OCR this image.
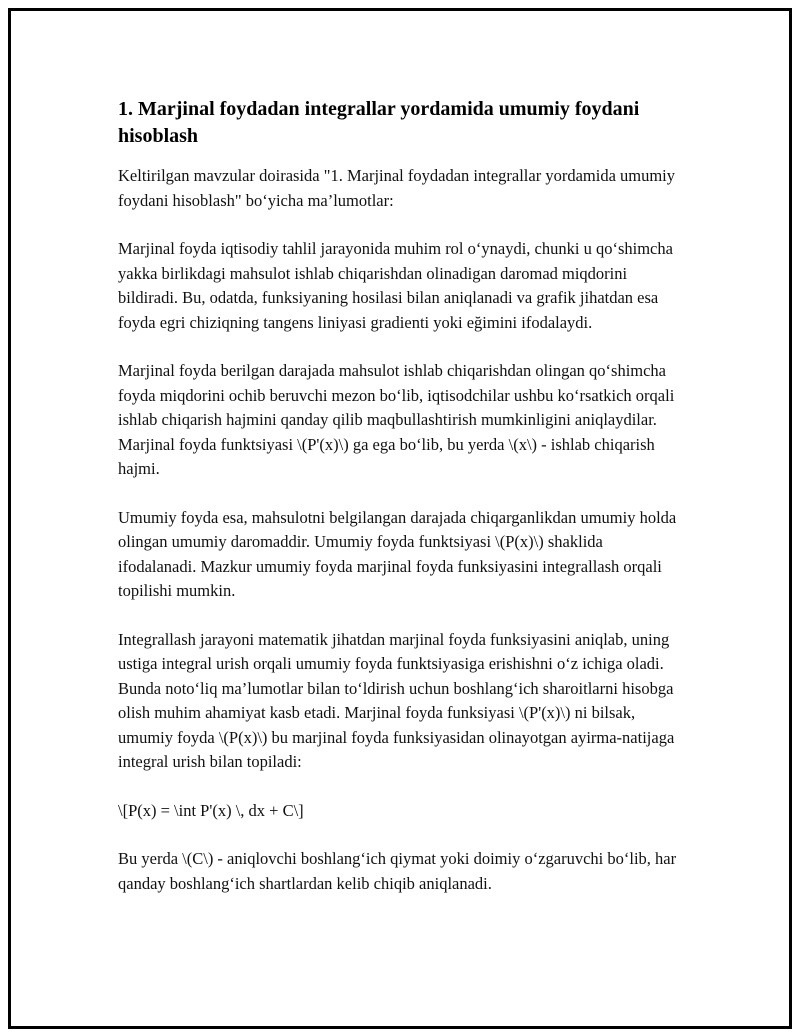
1. Marjinal foydadan integrallar yordamida umumiy foydani hisoblash

Keltirilgan mavzular doirasida "1. Marjinal foydadan integrallar yordamida umumiy foydani hisoblash" bo‘yicha ma’lumotlar:

Marjinal foyda iqtisodiy tahlil jarayonida muhim rol o‘ynaydi, chunki u qo‘shimcha yakka birlikdagi mahsulot ishlab chiqarishdan olinadigan daromad miqdorini bildiradi. Bu, odatda, funksiyaning hosilasi bilan aniqlanadi va grafik jihatdan esa foyda egri chiziqning tangens liniyasi gradienti yoki eğimini ifodalaydi.

Marjinal foyda berilgan darajada mahsulot ishlab chiqarishdan olingan qo‘shimcha foyda miqdorini ochib beruvchi mezon bo‘lib, iqtisodchilar ushbu ko‘rsatkich orqali ishlab chiqarish hajmini qanday qilib maqbullashtirish mumkinligini aniqlaydilar. Marjinal foyda funktsiyasi \(P'(x)\) ga ega bo‘lib, bu yerda \(x\) - ishlab chiqarish hajmi.

Umumiy foyda esa, mahsulotni belgilangan darajada chiqarganlikdan umumiy holda olingan umumiy daromaddir. Umumiy foyda funktsiyasi \(P(x)\) shaklida ifodalanadi. Mazkur umumiy foyda marjinal foyda funksiyasini integrallash orqali topilishi mumkin.

Integrallash jarayoni matematik jihatdan marjinal foyda funksiyasini aniqlab, uning ustiga integral urish orqali umumiy foyda funktsiyasiga erishishni o‘z ichiga oladi. Bunda noto‘liq ma’lumotlar bilan to‘ldirish uchun boshlang‘ich sharoitlarni hisobga olish muhim ahamiyat kasb etadi. Marjinal foyda funksiyasi \(P'(x)\) ni bilsak, umumiy foyda \(P(x)\) bu marjinal foyda funksiyasidan olinayotgan ayirma-natijaga integral urish bilan topiladi:

\[P(x) = \int P'(x) \, dx + C\]

Bu yerda \(C\) - aniqlovchi boshlang‘ich qiymat yoki doimiy o‘zgaruvchi bo‘lib, har qanday boshlang‘ich shartlardan kelib chiqib aniqlanadi.
